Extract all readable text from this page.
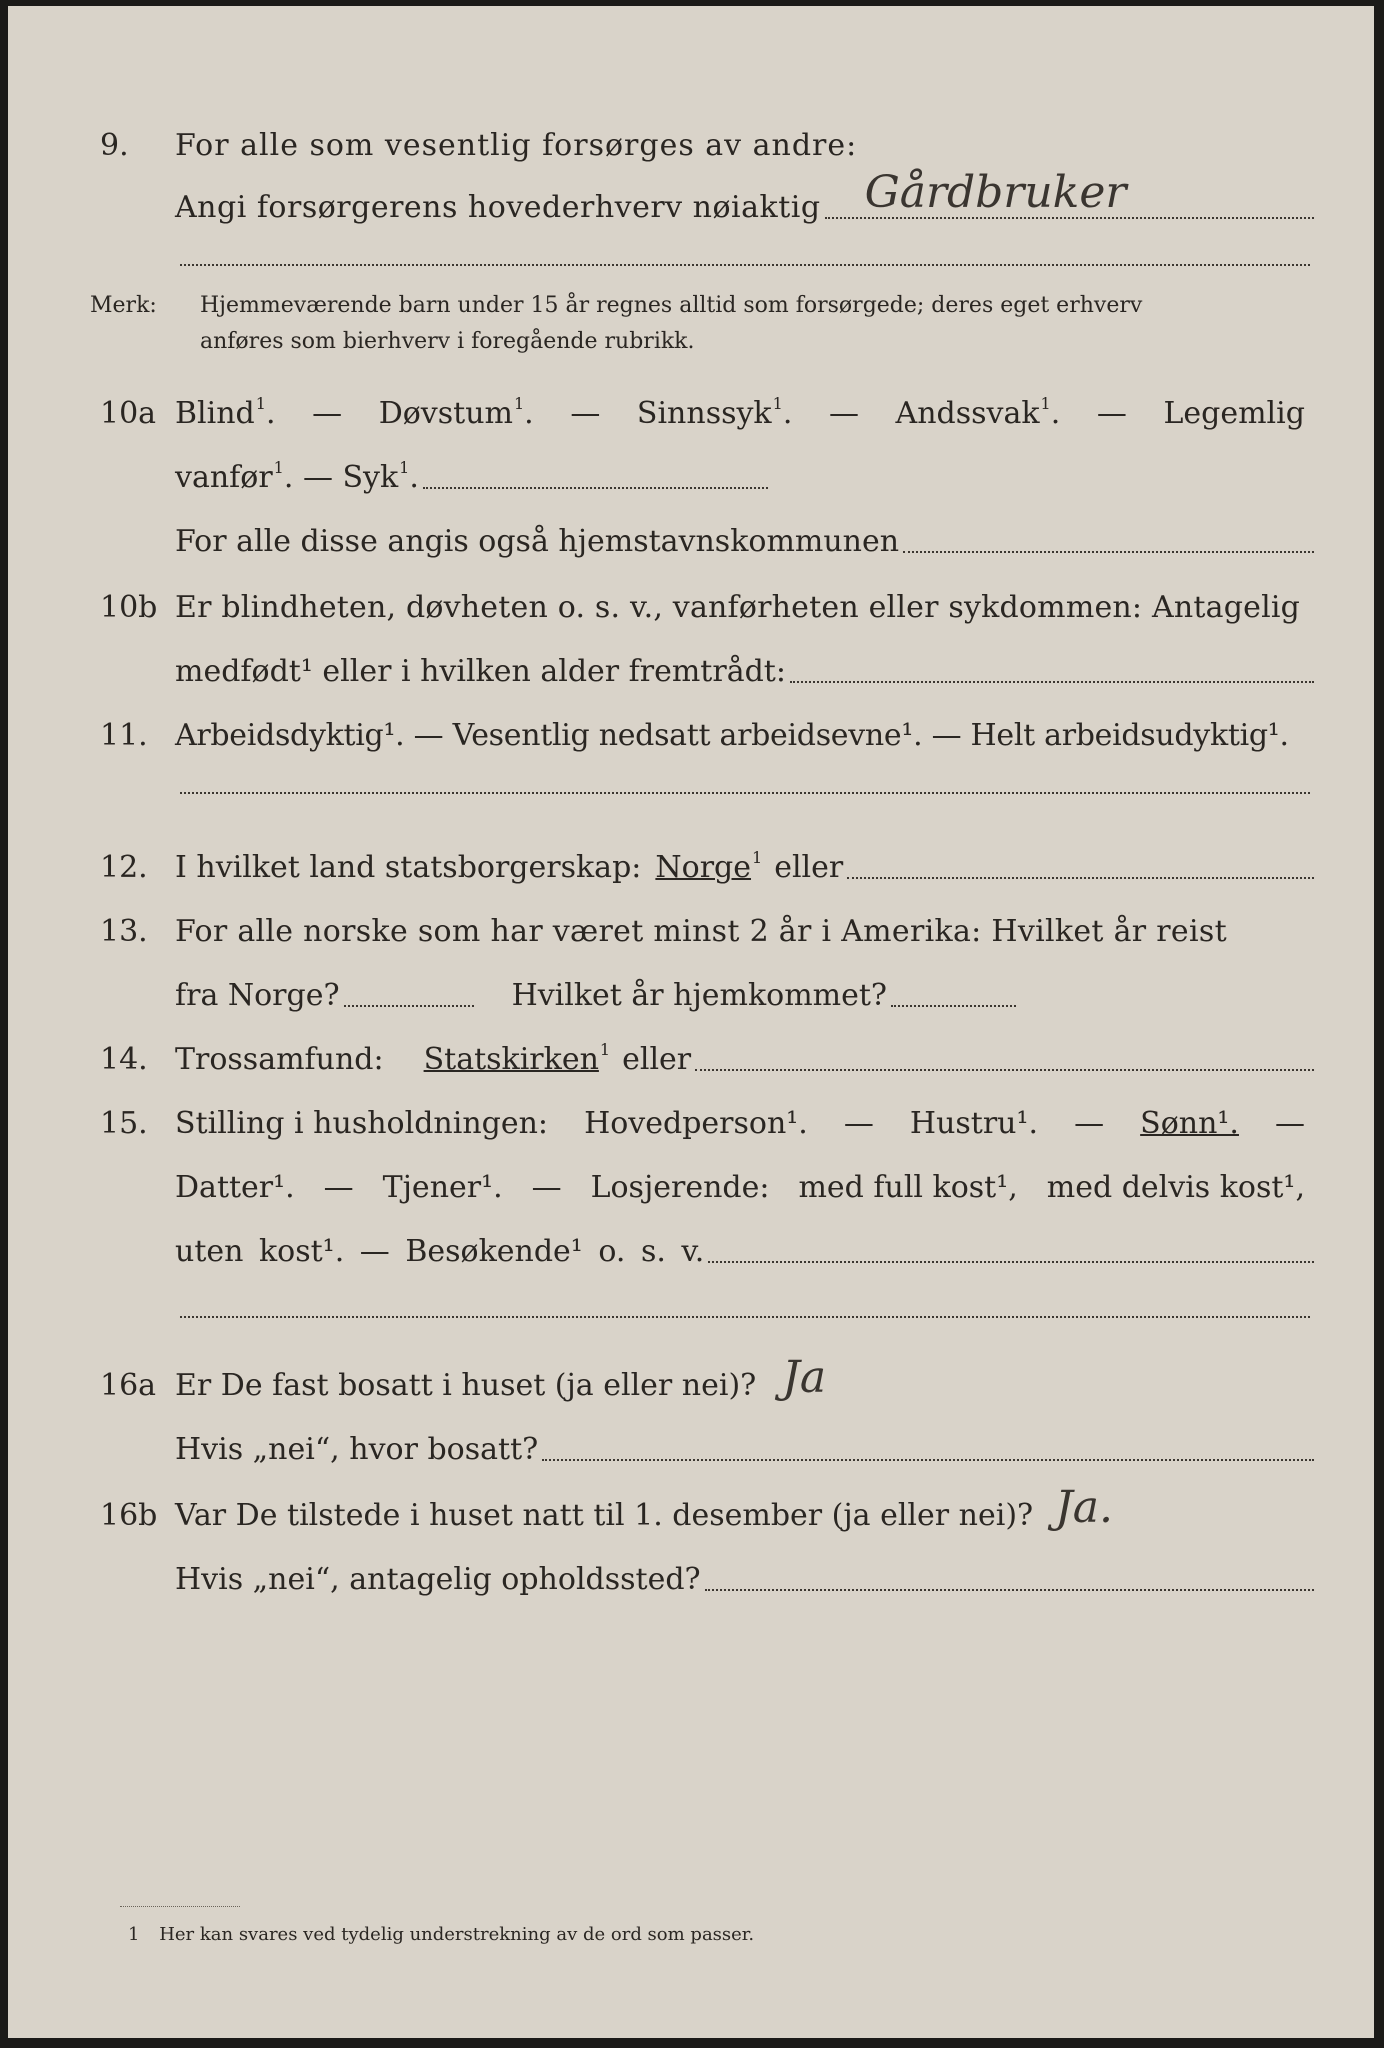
9.	For alle som vesentlig forsørges av andre:
Angi forsørgerens hovederhverv nøiaktig Gårdbruker
Merk: Hjemmeværende barn under 15 år regnes alltid som forsørgede; deres eget erhverv
anføres som bierhverv i foregående rubrikk.
10a Blind$^1$. — Døvstum$^1$. — Sinnssyk$^1$. — Andssvak$^1$. — Legemlig
vanfør$^1$. — Syk$^1$.
For alle disse angis også hjemstavnskommunen
10b Er blindheten, døvheten o. s. v., vanførheten eller sykdommen: Antagelig
medfødt¹ eller i hvilken alder fremtrådt:
11. Arbeidsdyktig¹. — Vesentlig nedsatt arbeidsevne¹. — Helt arbeidsudyktig¹.
12. I hvilket land statsborgerskap: Norge$^1$ eller
13. For alle norske som har været minst 2 år i Amerika: Hvilket år reist
fra Norge?	Hvilket år hjemkommet?
14. Trossamfund: Statskirken$^1$ eller
15. Stilling i husholdningen: Hovedperson¹. — Hustru¹. — Sønn¹. —
Datter¹. — Tjener¹. — Losjerende: med full kost¹, med delvis kost¹,
uten kost¹. — Besøkende¹ o. s. v.
16a Er De fast bosatt i huset (ja eller nei)? Ja
Hvis „nei“, hvor bosatt?
16b Var De tilstede i huset natt til 1. desember (ja eller nei)? Ja.
Hvis „nei“, antagelig opholdssted?
1 Her kan svares ved tydelig understrekning av de ord som passer.
